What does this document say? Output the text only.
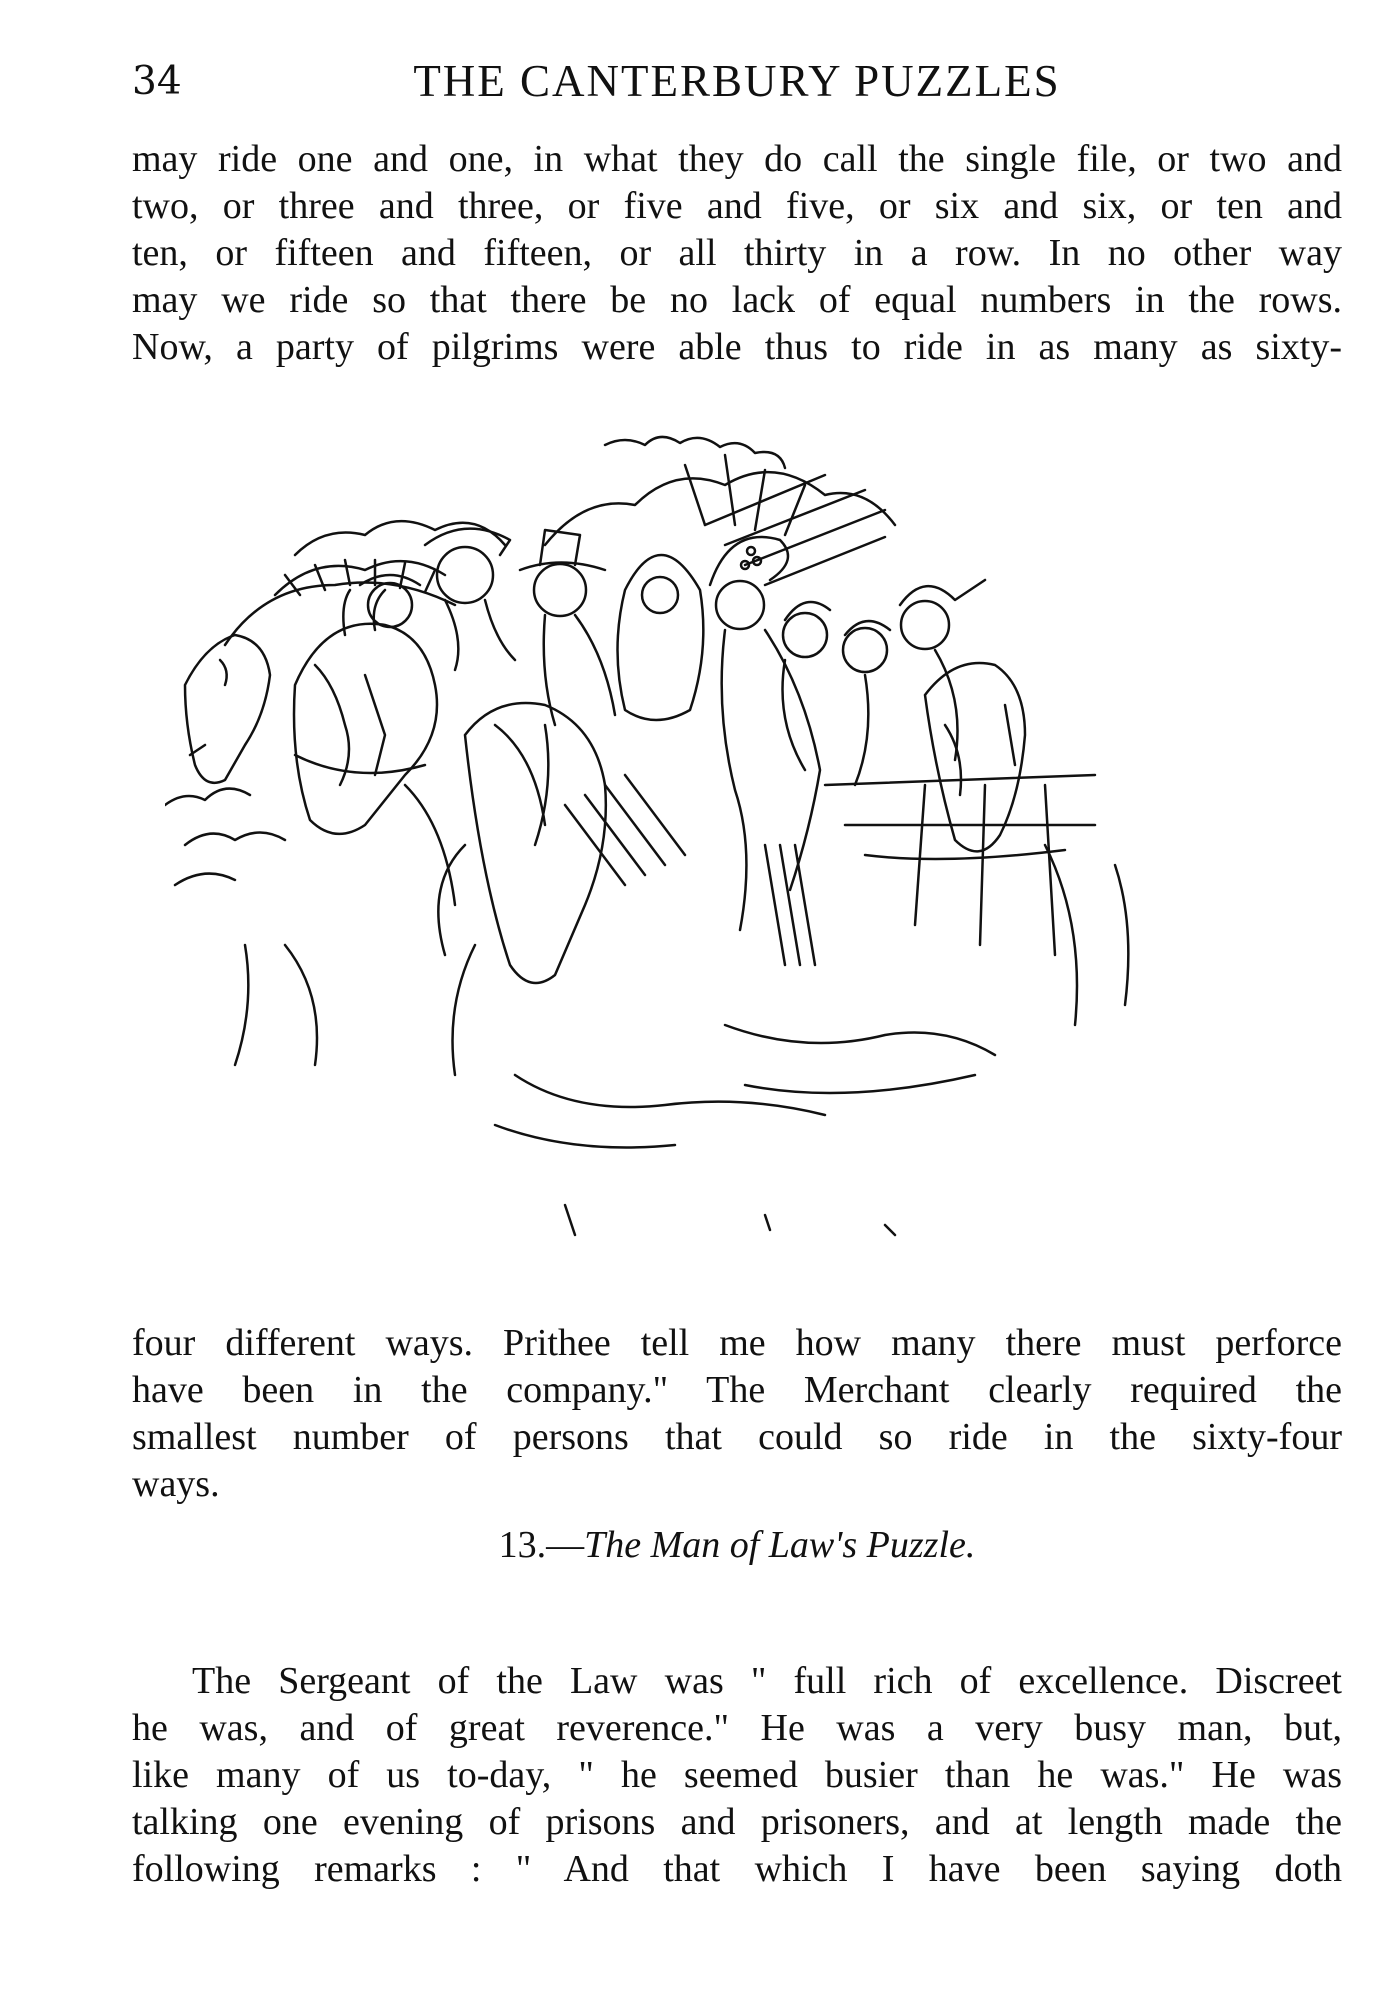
34	THE CANTERBURY PUZZLES

may ride one and one, in what they do call the single file, or two and
two, or three and three, or five and five, or six and six, or ten and
ten, or fifteen and fifteen, or all thirty in a row. In no other way
may we ride so that there be no lack of equal numbers in the rows.
Now, a party of pilgrims were able thus to ride in as many as sixty-

four different ways. Prithee tell me how many there must perforce
have been in the company." The Merchant clearly required the
smallest number of persons that could so ride in the sixty-four
ways.

13.—The Man of Law's Puzzle.

The Sergeant of the Law was " full rich of excellence. Discreet
he was, and of great reverence." He was a very busy man, but,
like many of us to-day, " he seemed busier than he was." He was
talking one evening of prisons and prisoners, and at length made the
following remarks : " And that which I have been saying doth
